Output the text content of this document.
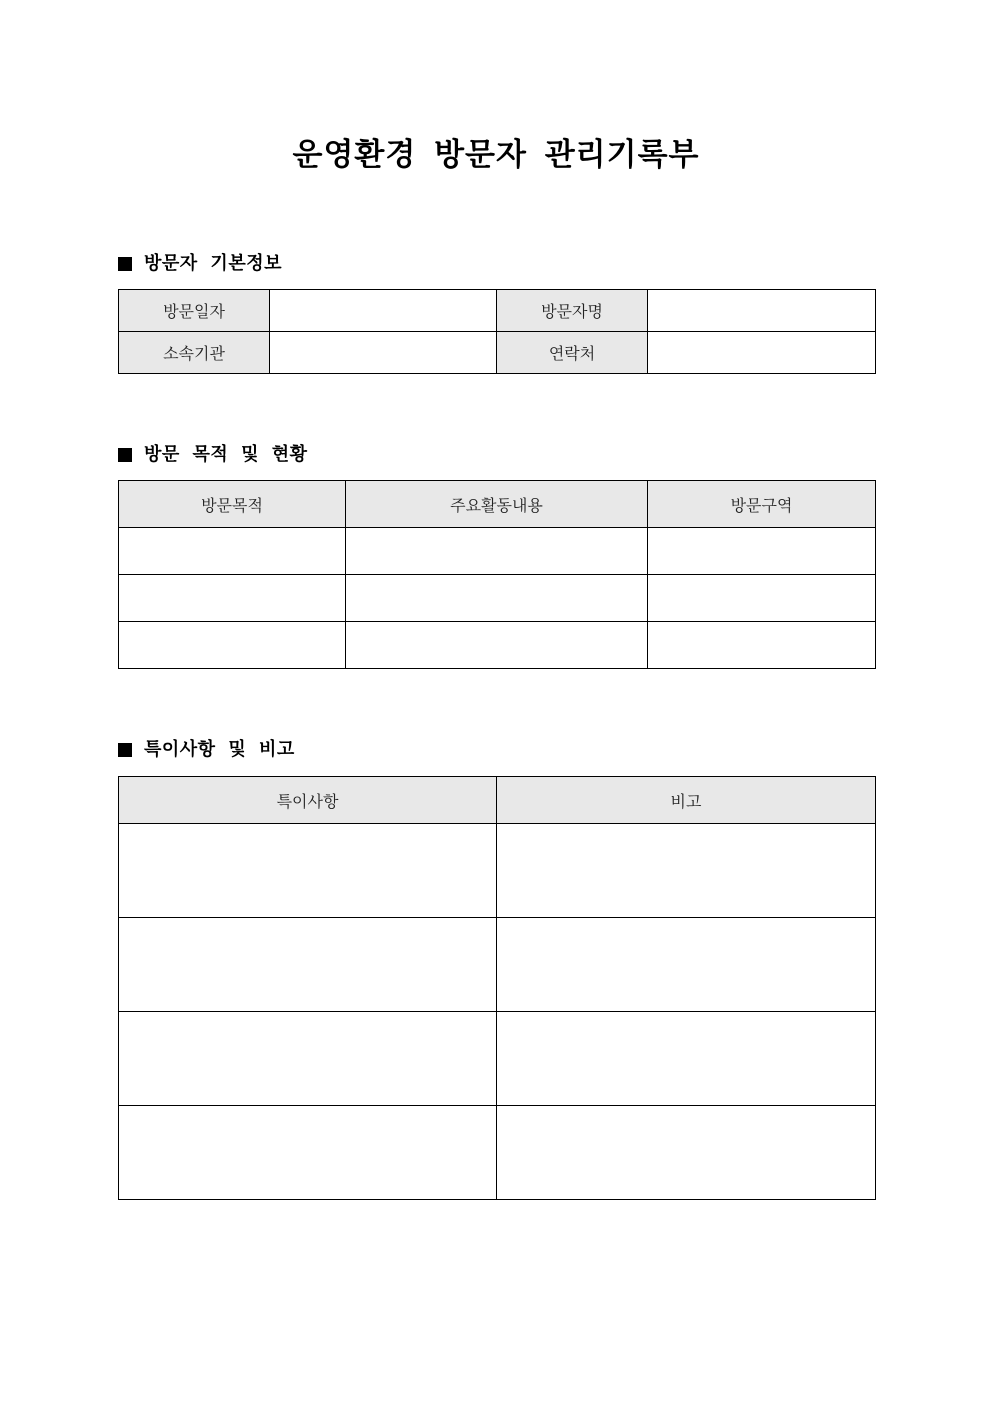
운영환경 방문자 관리기록부
방문자 기본정보
방문일자		방문자명	
소속기관		연락처	
방문 목적 및 현황
방문목적	주요활동내용	방문구역

특이사항 및 비고
특이사항	비고
